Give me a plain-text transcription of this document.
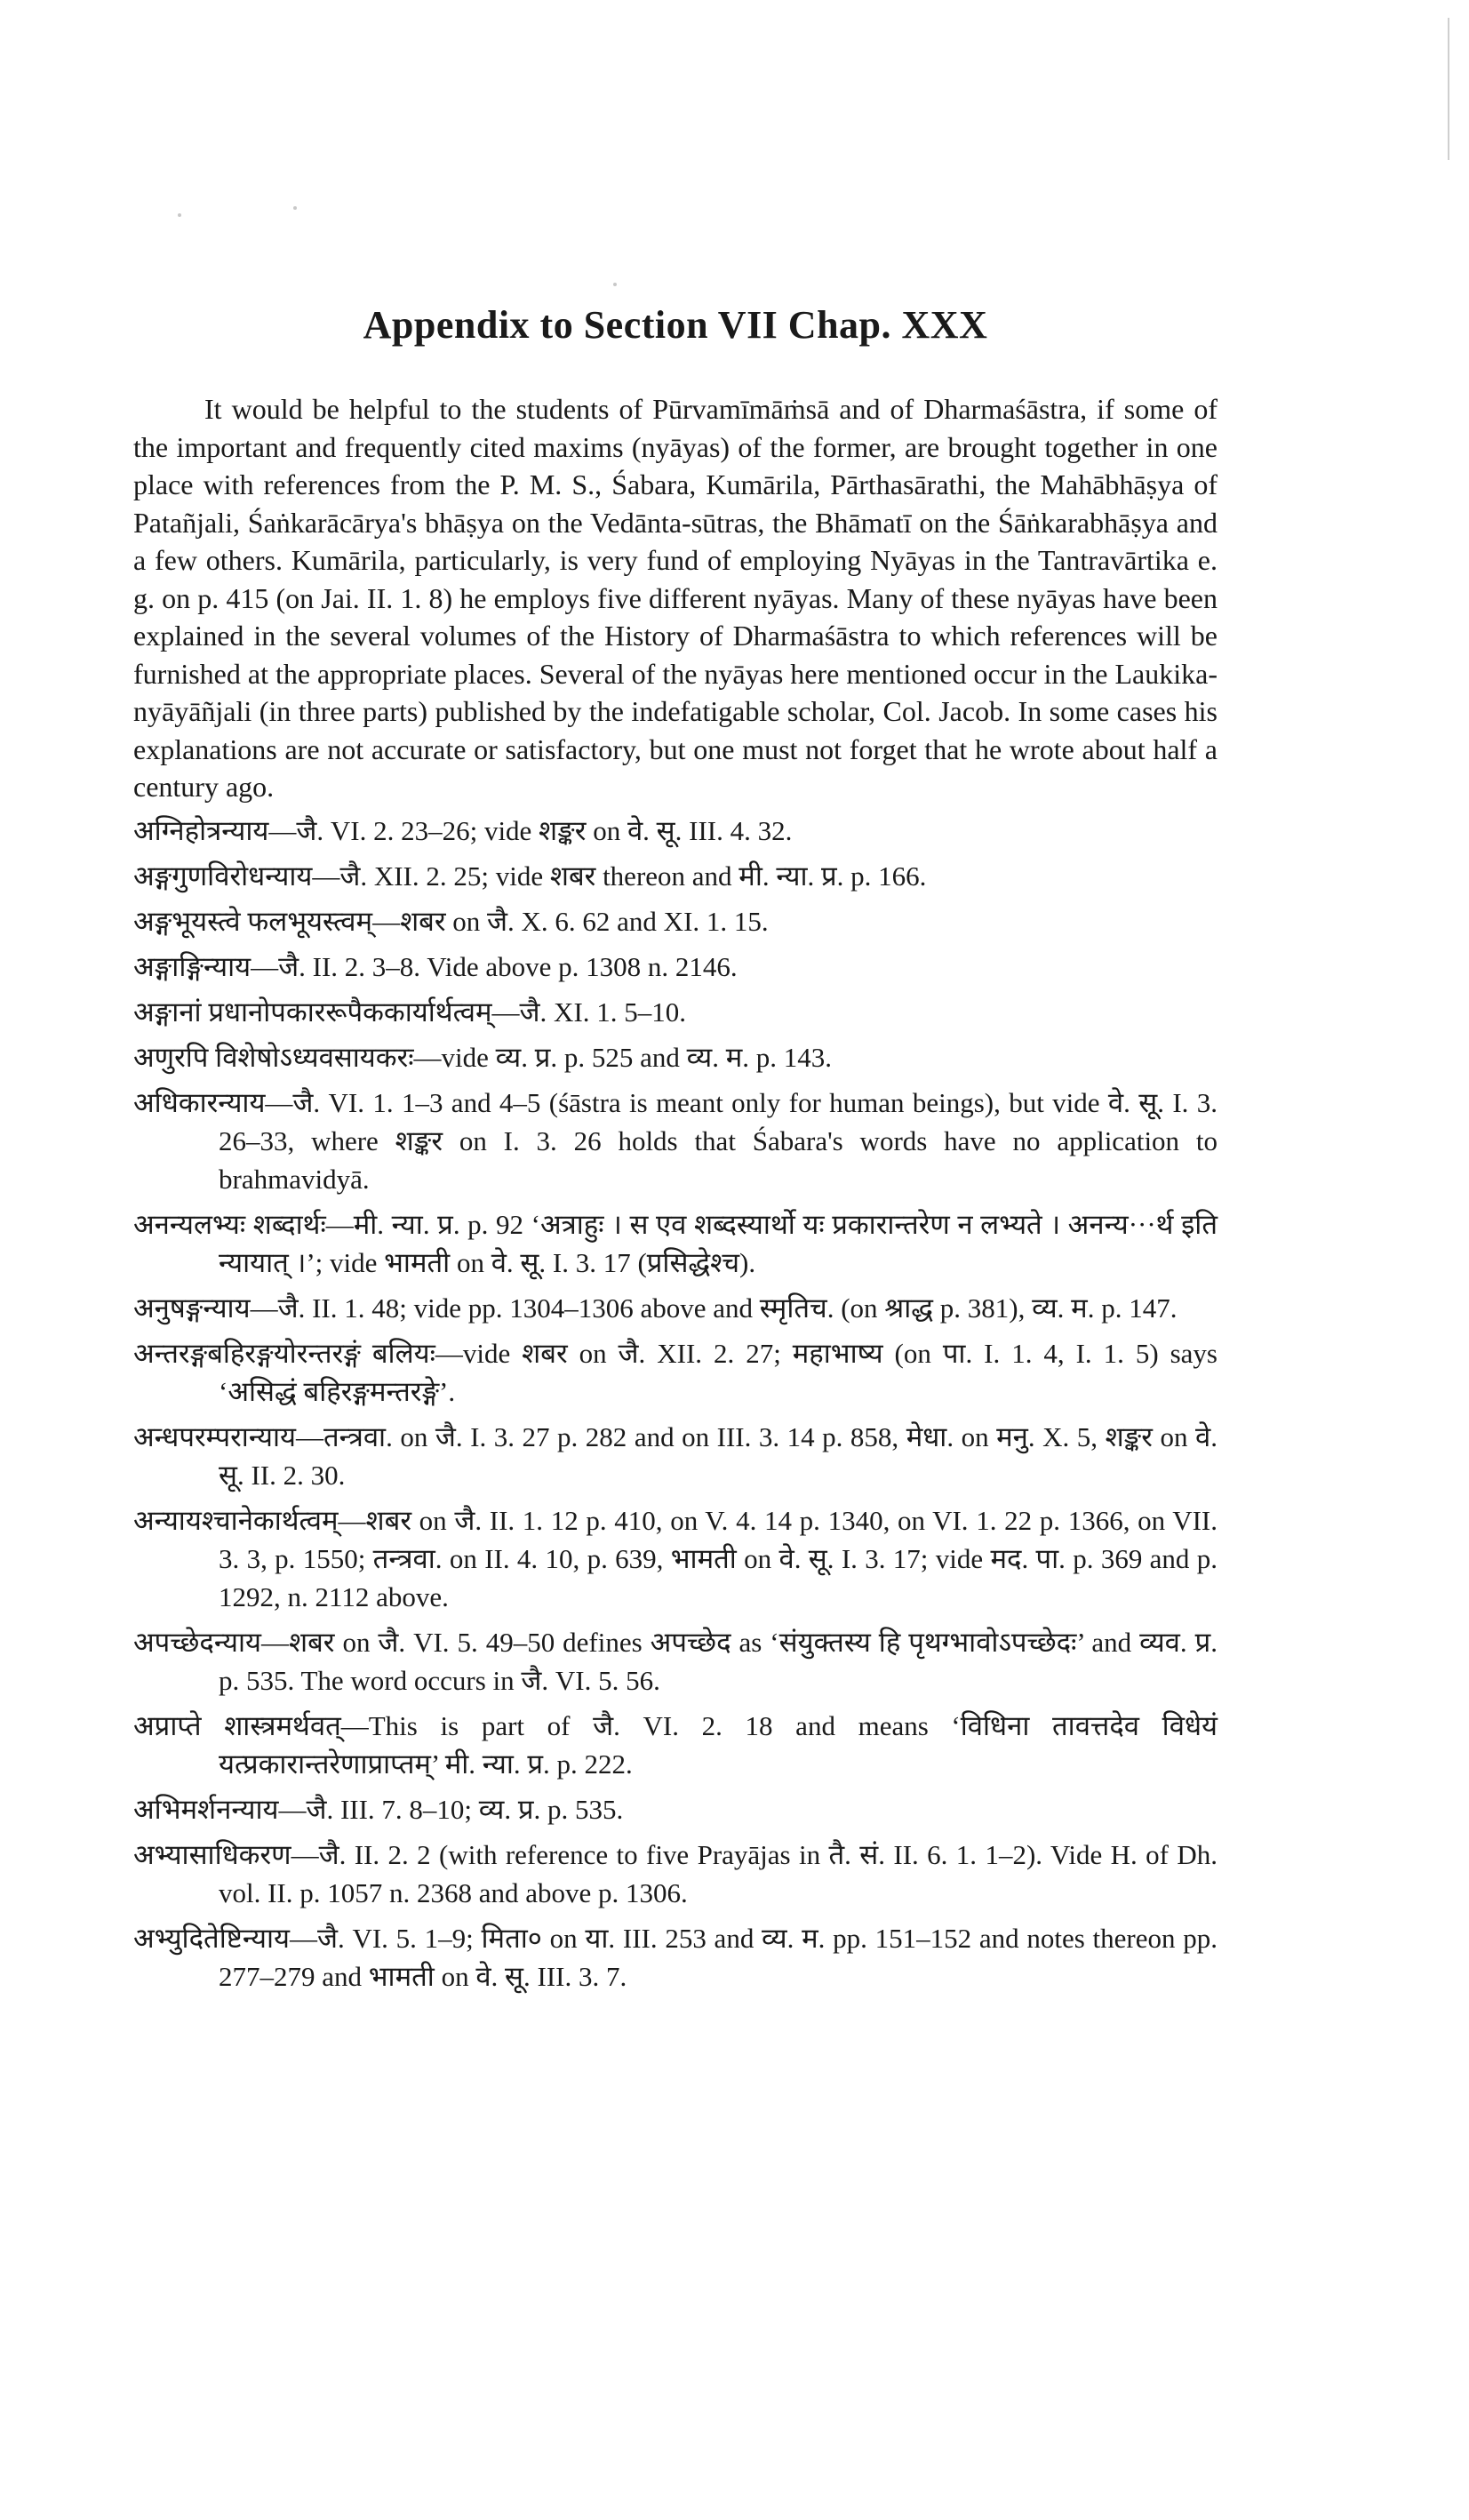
Appendix to Section VII Chap. XXX

It would be helpful to the students of Pūrvamīmāṁsā and of Dharmaśāstra, if some of the important and frequently cited maxims (nyāyas) of the former, are brought together in one place with references from the P. M. S., Śabara, Kumārila, Pārthasārathi, the Mahābhāṣya of Patañjali, Śaṅkarācārya's bhāṣya on the Vedānta-sūtras, the Bhāmatī on the Śāṅkarabhāṣya and a few others. Kumārila, particularly, is very fund of employing Nyāyas in the Tantravārtika e. g. on p. 415 (on Jai. II. 1. 8) he employs five different nyāyas. Many of these nyāyas have been explained in the several volumes of the History of Dharmaśāstra to which references will be furnished at the appropriate places. Several of the nyāyas here mentioned occur in the Laukika-nyāyāñjali (in three parts) published by the indefatigable scholar, Col. Jacob. In some cases his explanations are not accurate or satisfactory, but one must not forget that he wrote about half a century ago.

अग्निहोत्रन्याय—जै. VI. 2. 23–26; vide शङ्कर on वे. सू. III. 4. 32.

अङ्गगुणविरोधन्याय—जै. XII. 2. 25; vide शबर thereon and मी. न्या. प्र. p. 166.

अङ्गभूयस्त्वे फलभूयस्त्वम्—शबर on जै. X. 6. 62 and XI. 1. 15.

अङ्गाङ्गिन्याय—जै. II. 2. 3–8. Vide above p. 1308 n. 2146.

अङ्गानां प्रधानोपकाररूपैककार्यार्थत्वम्—जै. XI. 1. 5–10.

अणुरपि विशेषोऽध्यवसायकरः—vide व्य. प्र. p. 525 and व्य. म. p. 143.

अधिकारन्याय—जै. VI. 1. 1–3 and 4–5 (śāstra is meant only for human beings), but vide वे. सू. I. 3. 26–33, where शङ्कर on I. 3. 26 holds that Śabara's words have no application to brahmavidyā.

अनन्यलभ्यः शब्दार्थः—मी. न्या. प्र. p. 92 ‘अत्राहुः । स एव शब्दस्यार्थो यः प्रकारान्तरेण न लभ्यते । अनन्य···र्थ इति न्यायात् ।’; vide भामती on वे. सू. I. 3. 17 (प्रसिद्धेश्च).

अनुषङ्गन्याय—जै. II. 1. 48; vide pp. 1304–1306 above and स्मृतिच. (on श्राद्ध p. 381), व्य. म. p. 147.

अन्तरङ्गबहिरङ्गयोरन्तरङ्गं बलियः—vide शबर on जै. XII. 2. 27; महाभाष्य (on पा. I. 1. 4, I. 1. 5) says ‘असिद्धं बहिरङ्गमन्तरङ्गे’.

अन्धपरम्परान्याय—तन्त्रवा. on जै. I. 3. 27 p. 282 and on III. 3. 14 p. 858, मेधा. on मनु. X. 5, शङ्कर on वे. सू. II. 2. 30.

अन्यायश्चानेकार्थत्वम्—शबर on जै. II. 1. 12 p. 410, on V. 4. 14 p. 1340, on VI. 1. 22 p. 1366, on VII. 3. 3, p. 1550; तन्त्रवा. on II. 4. 10, p. 639, भामती on वे. सू. I. 3. 17; vide मद. पा. p. 369 and p. 1292, n. 2112 above.

अपच्छेदन्याय—शबर on जै. VI. 5. 49–50 defines अपच्छेद as ‘संयुक्तस्य हि पृथग्भावोऽपच्छेदः’ and व्यव. प्र. p. 535. The word occurs in जै. VI. 5. 56.

अप्राप्ते शास्त्रमर्थवत्—This is part of जै. VI. 2. 18 and means ‘विधिना तावत्तदेव विधेयं यत्प्रकारान्तरेणाप्राप्तम्’ मी. न्या. प्र. p. 222.

अभिमर्शनन्याय—जै. III. 7. 8–10; व्य. प्र. p. 535.

अभ्यासाधिकरण—जै. II. 2. 2 (with reference to five Prayājas in तै. सं. II. 6. 1. 1–2). Vide H. of Dh. vol. II. p. 1057 n. 2368 and above p. 1306.

अभ्युदितेष्टिन्याय—जै. VI. 5. 1–9; मिता० on या. III. 253 and व्य. म. pp. 151–152 and notes thereon pp. 277–279 and भामती on वे. सू. III. 3. 7.
